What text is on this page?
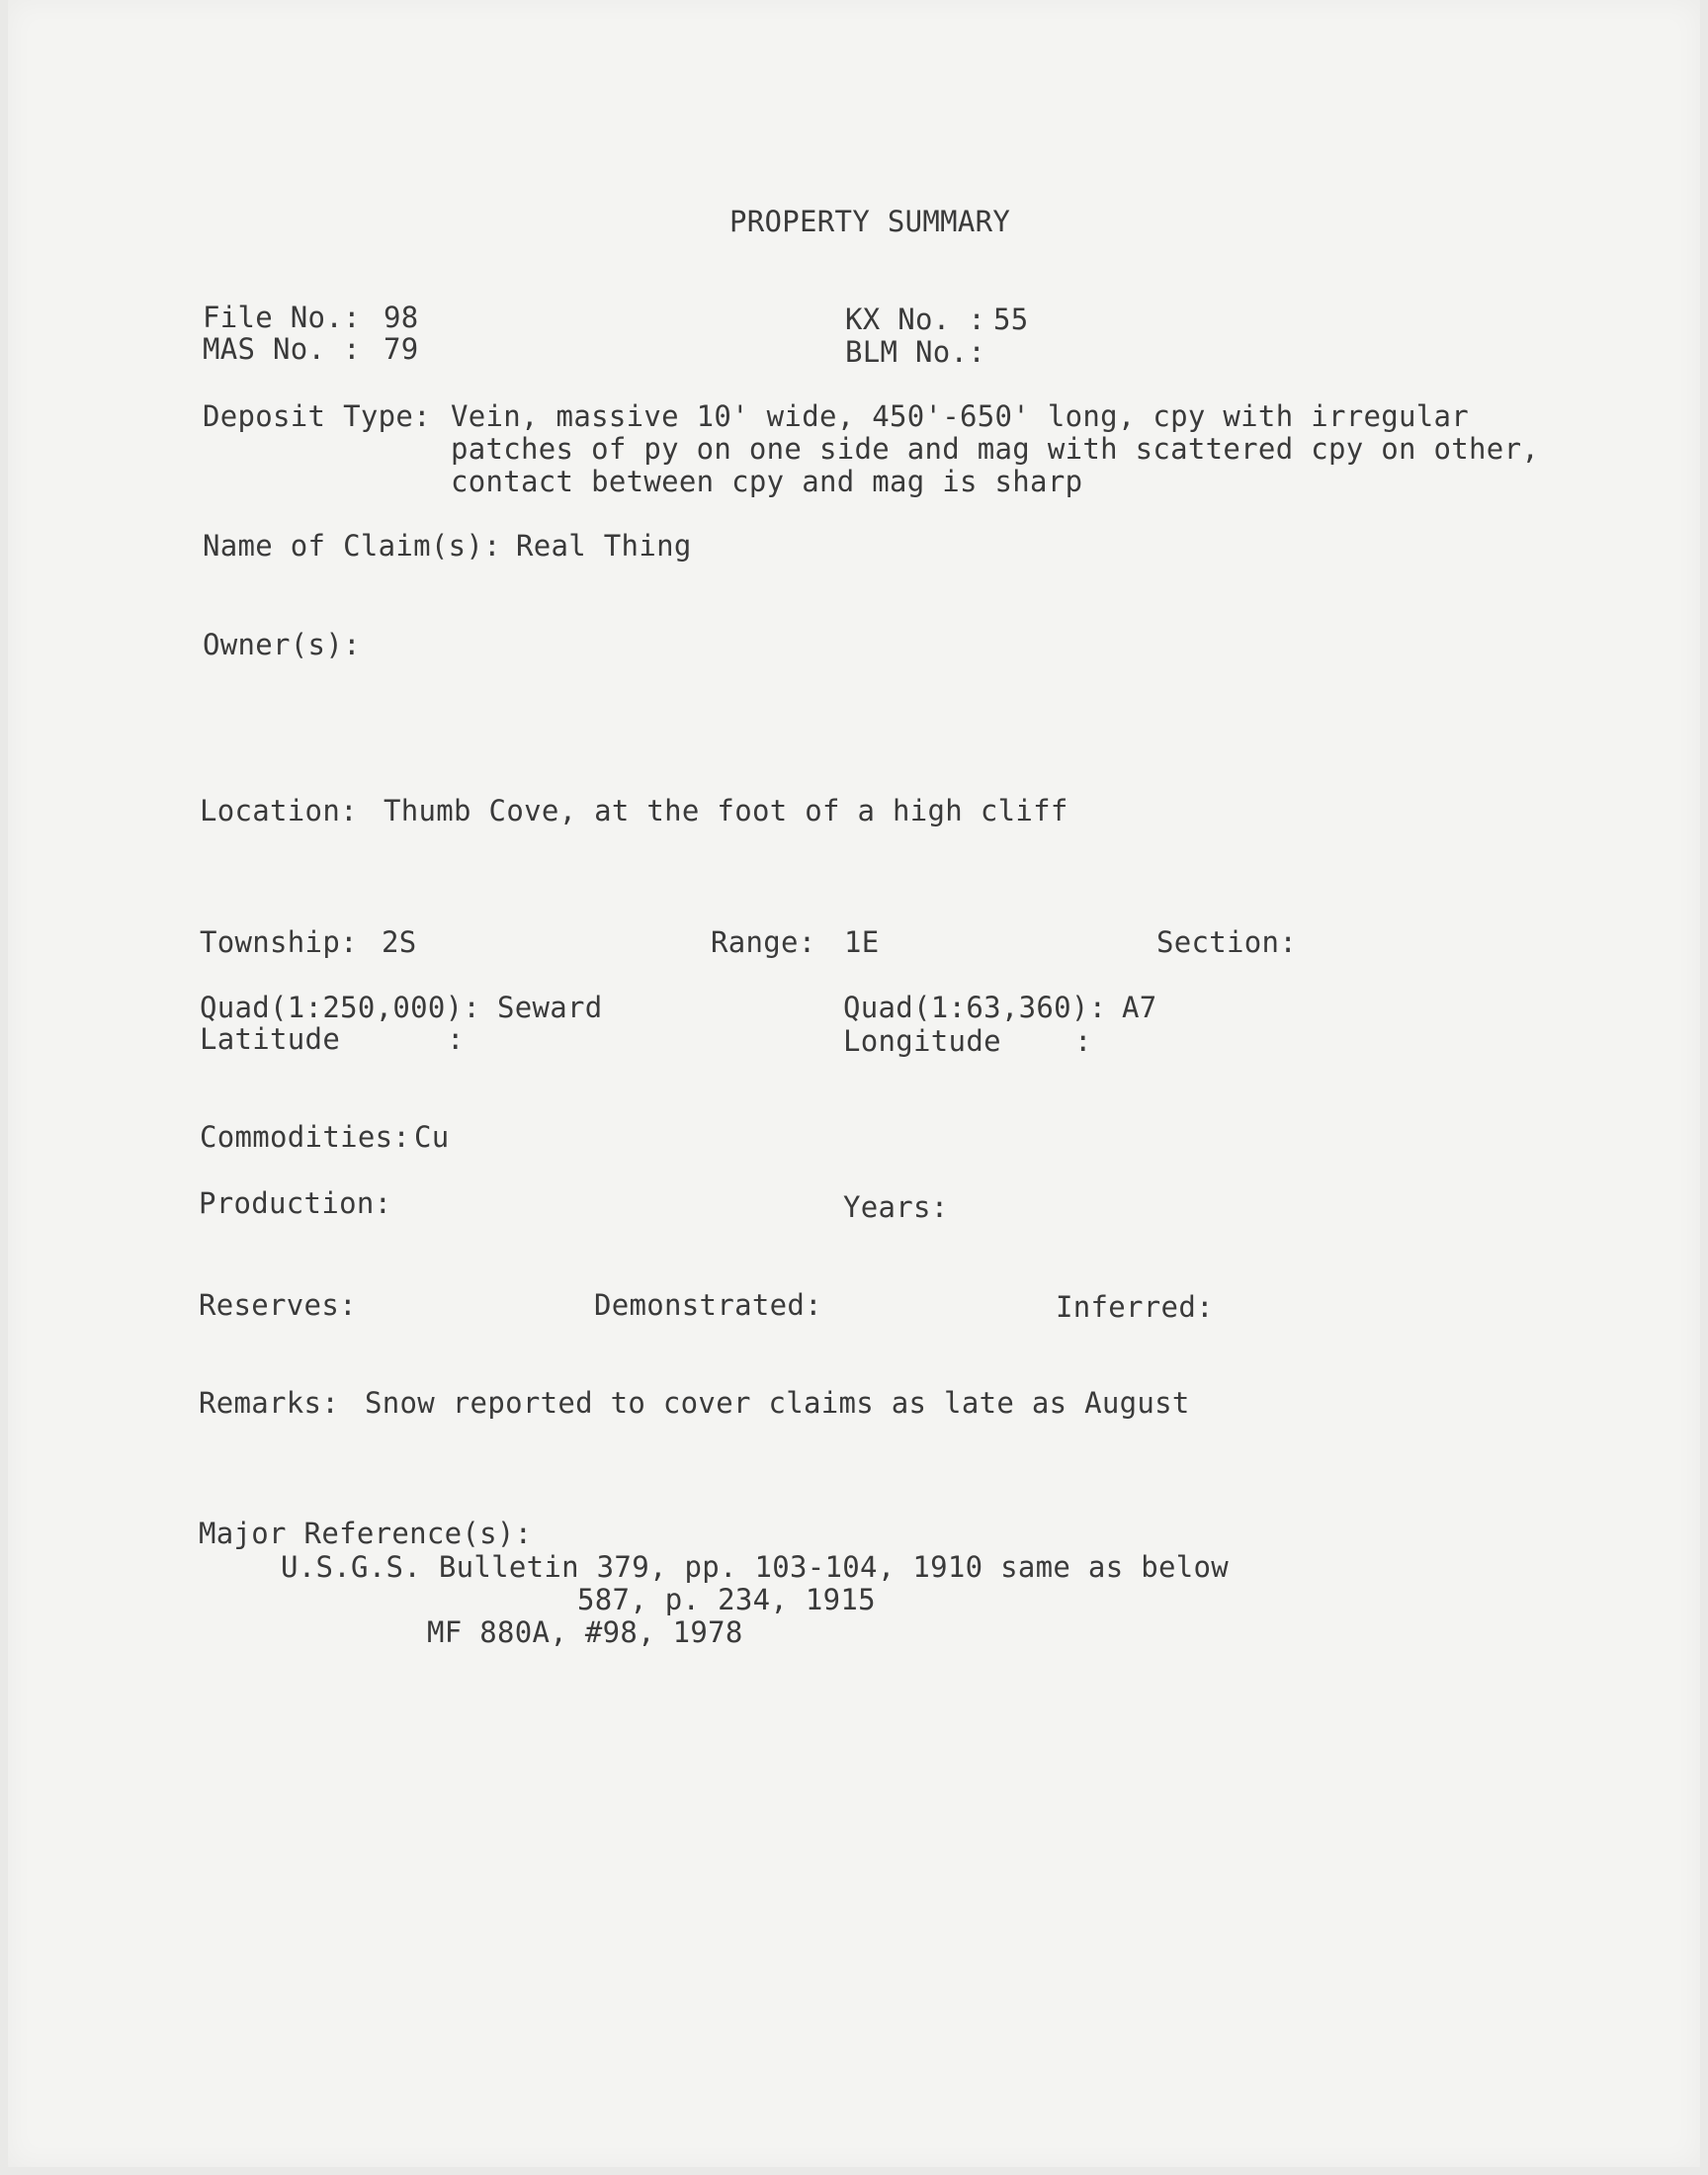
PROPERTY SUMMARY
File No.: 98
MAS No. : 79
KX No. : 55
BLM No.:
Deposit Type: Vein, massive 10' wide, 450'-650' long, cpy with irregular
patches of py on one side and mag with scattered cpy on other,
contact between cpy and mag is sharp
Name of Claim(s): Real Thing
Owner(s):
Location: Thumb Cove, at the foot of a high cliff
Township: 2S	Range: 1E	Section:
Quad(1:250,000): Seward	Quad(1:63,360): A7
Latitude	:	Longitude	:
Commodities: Cu
Production:	Years:
Reserves:	Demonstrated:	Inferred:
Remarks: Snow reported to cover claims as late as August
Major Reference(s):
U.S.G.S. Bulletin 379, pp. 103-104, 1910 same as below
587, p. 234, 1915
MF 880A, #98, 1978
